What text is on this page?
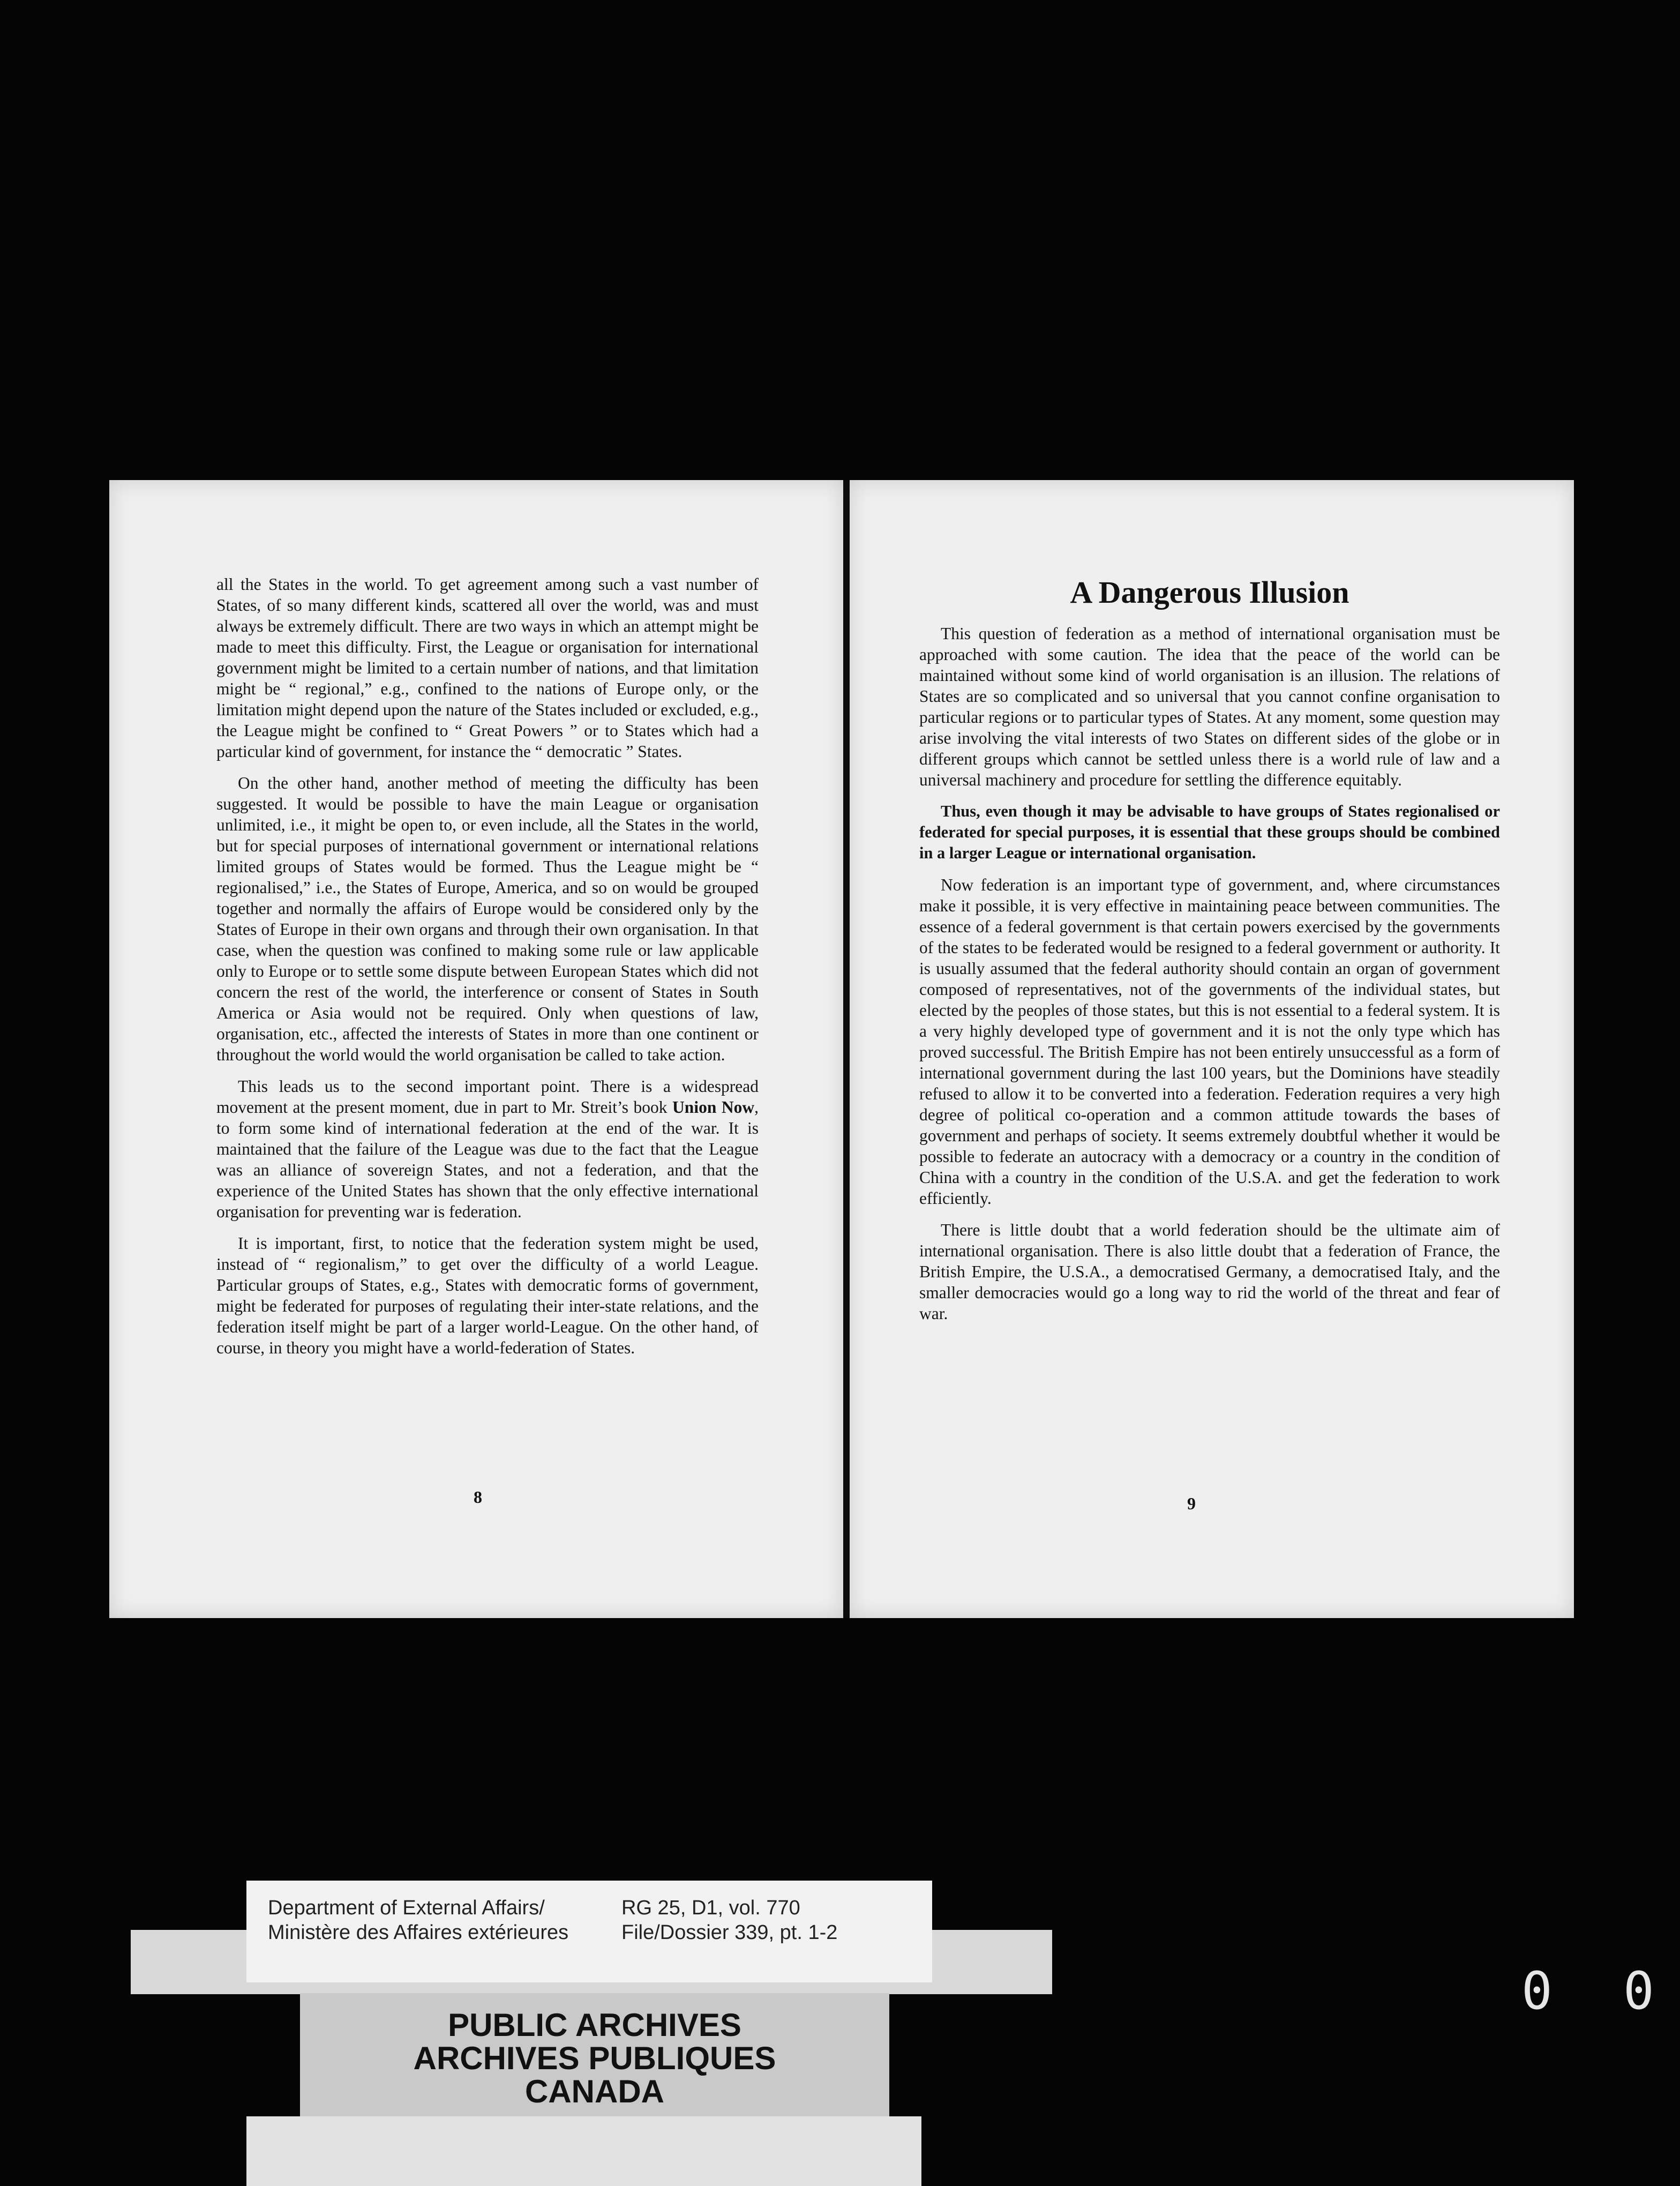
all the States in the world. To get agreement among such a vast number of States, of so many different kinds, scattered all over the world, was and must always be extremely difficult. There are two ways in which an attempt might be made to meet this difficulty. First, the League or organisation for international government might be limited to a certain number of nations, and that limitation might be “ regional,” e.g., confined to the nations of Europe only, or the limitation might depend upon the nature of the States included or excluded, e.g., the League might be confined to “ Great Powers ” or to States which had a particular kind of government, for instance the “ democratic ” States.

On the other hand, another method of meeting the difficulty has been suggested. It would be possible to have the main League or organisation unlimited, i.e., it might be open to, or even include, all the States in the world, but for special purposes of international government or international relations limited groups of States would be formed. Thus the League might be “ regionalised,” i.e., the States of Europe, America, and so on would be grouped together and normally the affairs of Europe would be considered only by the States of Europe in their own organs and through their own organisation. In that case, when the question was confined to making some rule or law applicable only to Europe or to settle some dispute between European States which did not concern the rest of the world, the interference or consent of States in South America or Asia would not be required. Only when questions of law, organisation, etc., affected the interests of States in more than one continent or throughout the world would the world organisation be called to take action.

This leads us to the second important point. There is a widespread movement at the present moment, due in part to Mr. Streit’s book Union Now, to form some kind of international federation at the end of the war. It is maintained that the failure of the League was due to the fact that the League was an alliance of sovereign States, and not a federation, and that the experience of the United States has shown that the only effective international organisation for preventing war is federation.

It is important, first, to notice that the federation system might be used, instead of “ regionalism,” to get over the difficulty of a world League. Particular groups of States, e.g., States with democratic forms of government, might be federated for purposes of regulating their inter-state relations, and the federation itself might be part of a larger world-League. On the other hand, of course, in theory you might have a world-federation of States.

8
A Dangerous Illusion

This question of federation as a method of international organisation must be approached with some caution. The idea that the peace of the world can be maintained without some kind of world organisation is an illusion. The relations of States are so complicated and so universal that you cannot confine organisation to particular regions or to particular types of States. At any moment, some question may arise involving the vital interests of two States on different sides of the globe or in different groups which cannot be settled unless there is a world rule of law and a universal machinery and procedure for settling the difference equitably.

Thus, even though it may be advisable to have groups of States regionalised or federated for special purposes, it is essential that these groups should be combined in a larger League or international organisation.

Now federation is an important type of government, and, where circumstances make it possible, it is very effective in maintaining peace between communities. The essence of a federal government is that certain powers exercised by the governments of the states to be federated would be resigned to a federal government or authority. It is usually assumed that the federal authority should contain an organ of government composed of representatives, not of the governments of the individual states, but elected by the peoples of those states, but this is not essential to a federal system. It is a very highly developed type of government and it is not the only type which has proved successful. The British Empire has not been entirely unsuccessful as a form of international government during the last 100 years, but the Dominions have steadily refused to allow it to be converted into a federation. Federation requires a very high degree of political co-operation and a common attitude towards the bases of government and perhaps of society. It seems extremely doubtful whether it would be possible to federate an autocracy with a democracy or a country in the condition of China with a country in the condition of the U.S.A. and get the federation to work efficiently.

There is little doubt that a world federation should be the ultimate aim of international organisation. There is also little doubt that a federation of France, the British Empire, the U.S.A., a democratised Germany, a democratised Italy, and the smaller democracies would go a long way to rid the world of the threat and fear of war.

9
Department of External Affairs/
Ministère des Affaires extérieures
RG 25, D1, vol. 770
File/Dossier 339, pt. 1-2
PUBLIC ARCHIVES
ARCHIVES PUBLIQUES
CANADA
0 0
